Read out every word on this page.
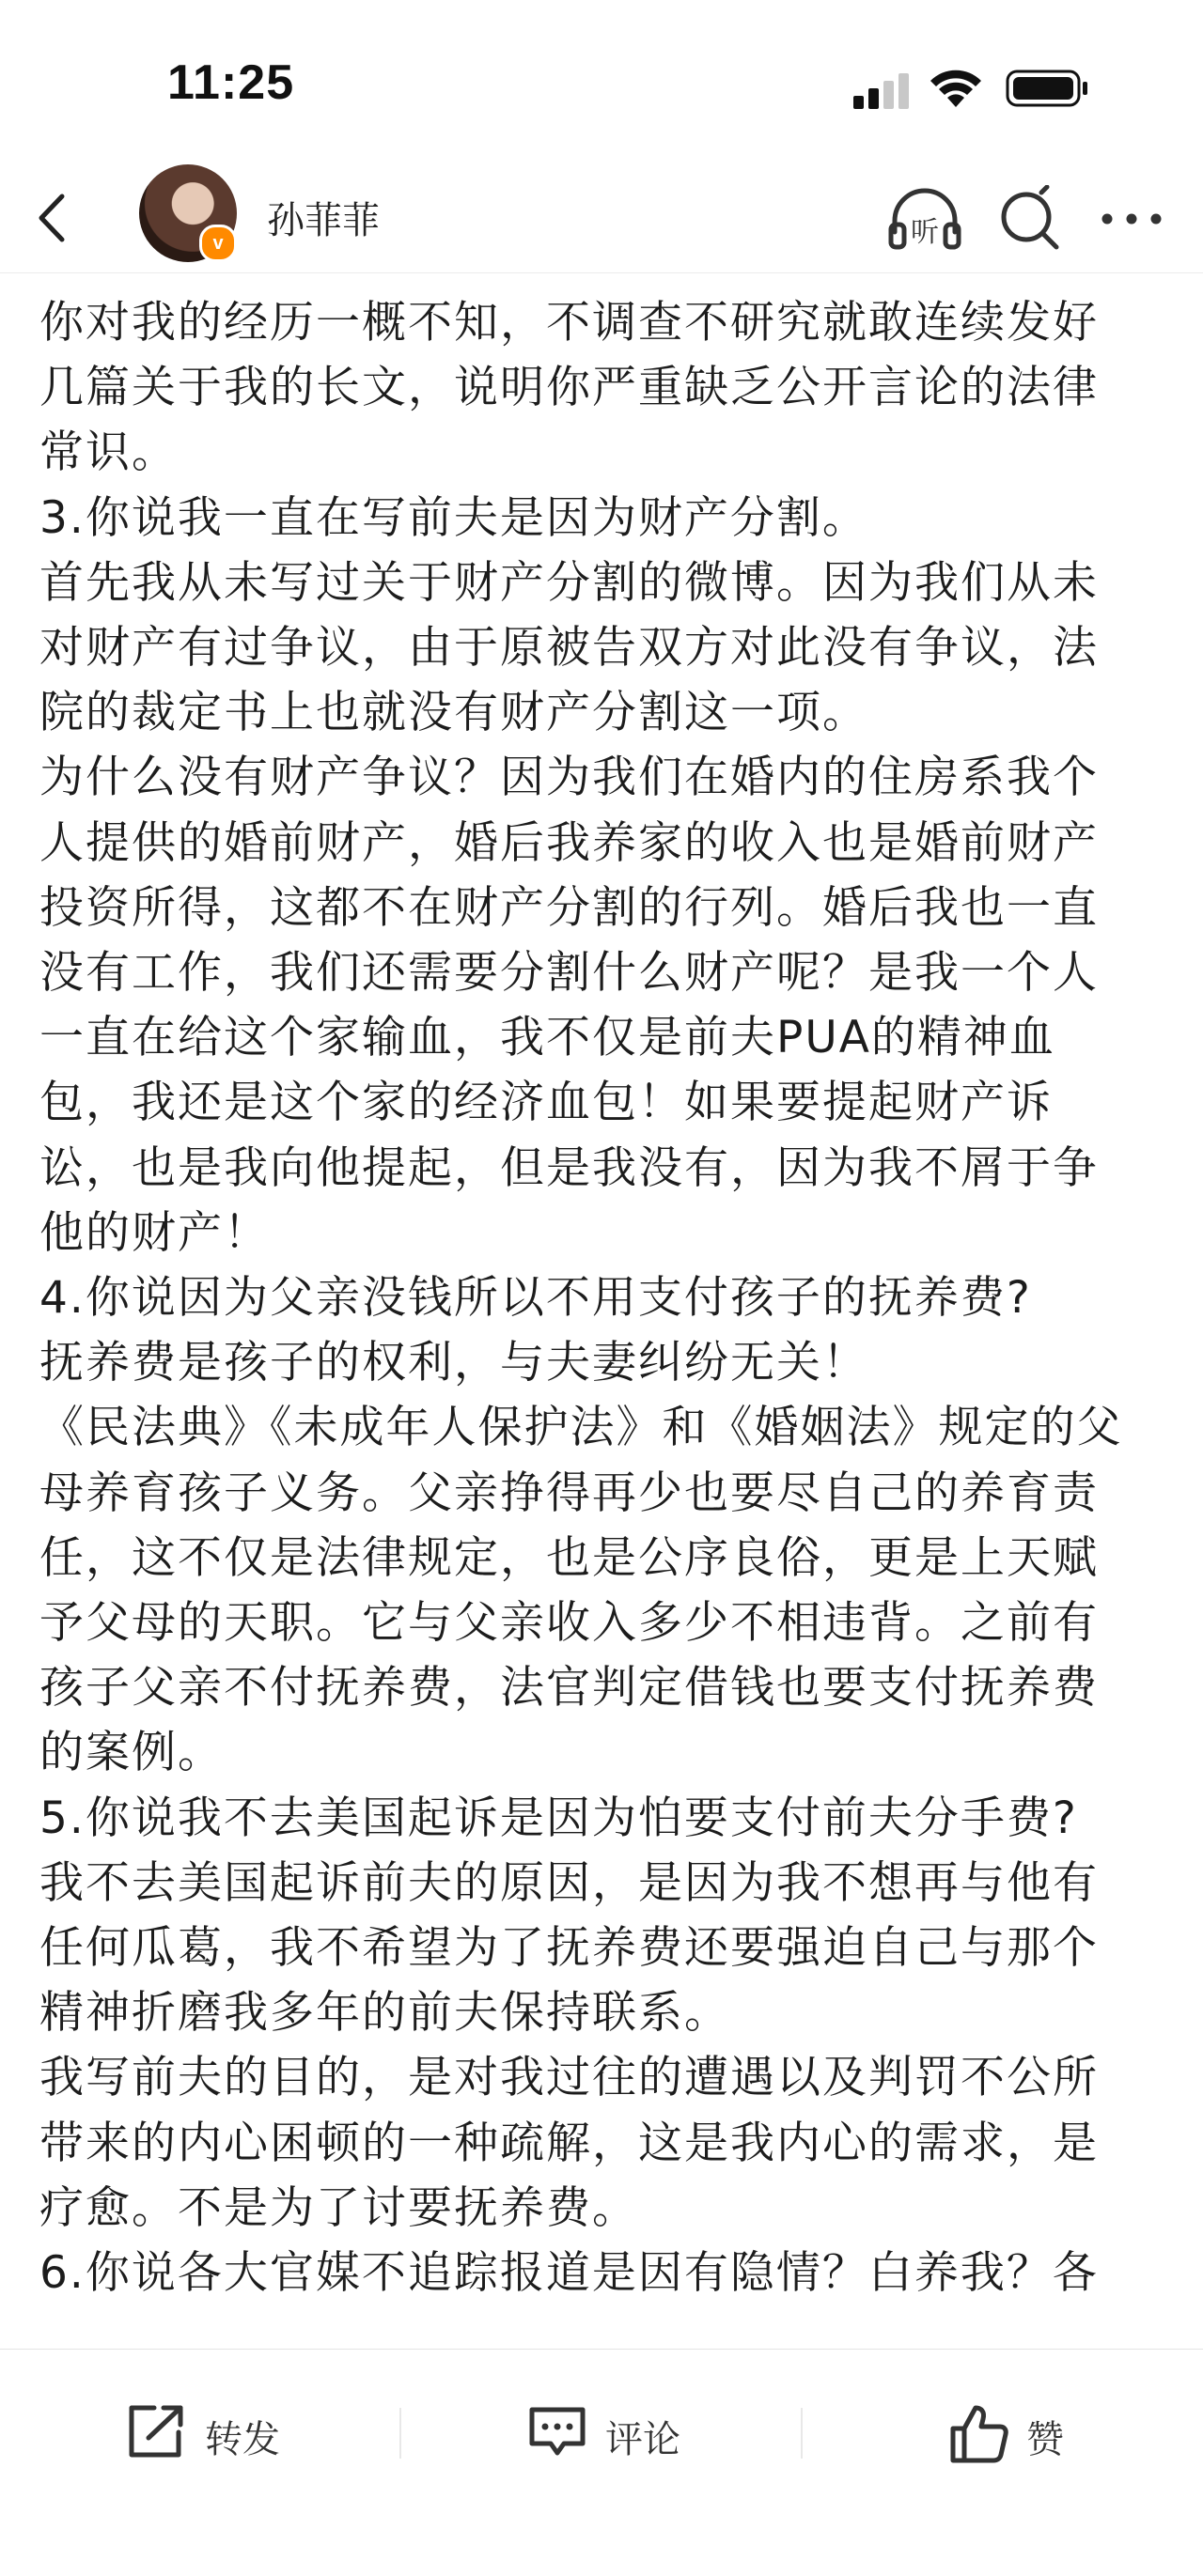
11:25
v
孙菲菲	听
你对我的经历一概不知，不调查不研究就敢连续发好
几篇关于我的长文，说明你严重缺乏公开言论的法律
常识。
3.你说我一直在写前夫是因为财产分割。
首先我从未写过关于财产分割的微博。因为我们从未
对财产有过争议，由于原被告双方对此没有争议，法
院的裁定书上也就没有财产分割这一项。
为什么没有财产争议？因为我们在婚内的住房系我个
人提供的婚前财产，婚后我养家的收入也是婚前财产
投资所得，这都不在财产分割的行列。婚后我也一直
没有工作，我们还需要分割什么财产呢？是我一个人
一直在给这个家输血，我不仅是前夫PUA的精神血
包，我还是这个家的经济血包！如果要提起财产诉
讼，也是我向他提起，但是我没有，因为我不屑于争
他的财产！
4.你说因为父亲没钱所以不用支付孩子的抚养费?
抚养费是孩子的权利，与夫妻纠纷无关！
《民法典》《未成年人保护法》和《婚姻法》规定的父
母养育孩子义务。父亲挣得再少也要尽自己的养育责
任，这不仅是法律规定，也是公序良俗，更是上天赋
予父母的天职。它与父亲收入多少不相违背。之前有
孩子父亲不付抚养费，法官判定借钱也要支付抚养费
的案例。
5.你说我不去美国起诉是因为怕要支付前夫分手费?
我不去美国起诉前夫的原因，是因为我不想再与他有
任何瓜葛，我不希望为了抚养费还要强迫自己与那个
精神折磨我多年的前夫保持联系。
我写前夫的目的，是对我过往的遭遇以及判罚不公所
带来的内心困顿的一种疏解，这是我内心的需求，是
疗愈。不是为了讨要抚养费。
6.你说各大官媒不追踪报道是因有隐情？白养我？各
转发	评论	赞
